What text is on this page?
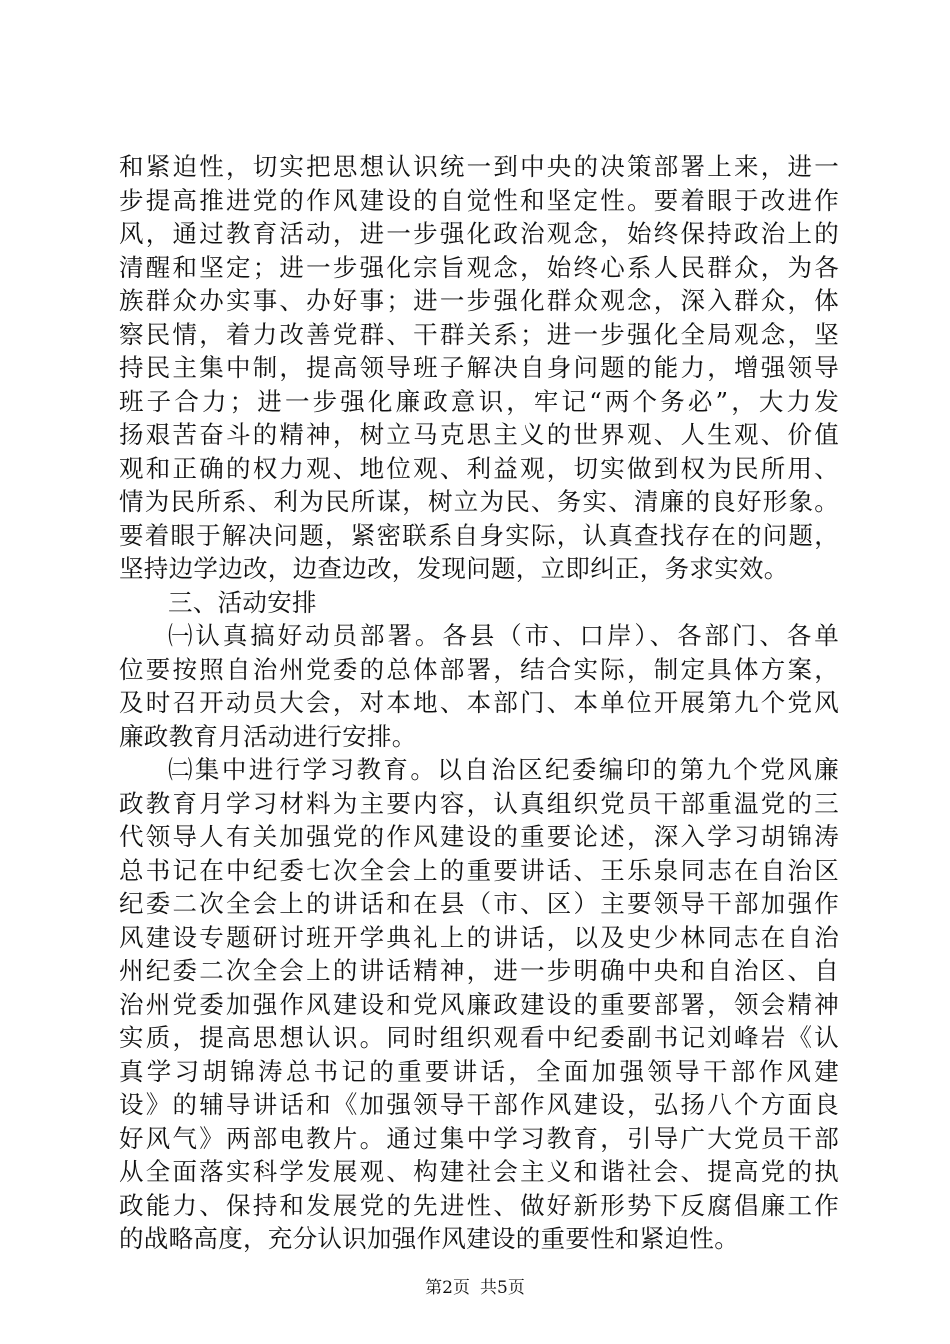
和紧迫性，切实把思想认识统一到中央的决策部署上来，进一
步提高推进党的作风建设的自觉性和坚定性。要着眼于改进作
风，通过教育活动，进一步强化政治观念，始终保持政治上的
清醒和坚定；进一步强化宗旨观念，始终心系人民群众，为各
族群众办实事、办好事；进一步强化群众观念，深入群众，体
察民情，着力改善党群、干群关系；进一步强化全局观念，坚
持民主集中制，提高领导班子解决自身问题的能力，增强领导
班子合力；进一步强化廉政意识，牢记“两个务必”，大力发
扬艰苦奋斗的精神，树立马克思主义的世界观、人生观、价值
观和正确的权力观、地位观、利益观，切实做到权为民所用、
情为民所系、利为民所谋，树立为民、务实、清廉的良好形象。
要着眼于解决问题，紧密联系自身实际，认真查找存在的问题，
坚持边学边改，边查边改，发现问题，立即纠正，务求实效。
三、活动安排
㈠认真搞好动员部署。各县（市、口岸）、各部门、各单
位要按照自治州党委的总体部署，结合实际，制定具体方案，
及时召开动员大会，对本地、本部门、本单位开展第九个党风
廉政教育月活动进行安排。
㈡集中进行学习教育。以自治区纪委编印的第九个党风廉
政教育月学习材料为主要内容，认真组织党员干部重温党的三
代领导人有关加强党的作风建设的重要论述，深入学习胡锦涛
总书记在中纪委七次全会上的重要讲话、王乐泉同志在自治区
纪委二次全会上的讲话和在县（市、区）主要领导干部加强作
风建设专题研讨班开学典礼上的讲话，以及史少林同志在自治
州纪委二次全会上的讲话精神，进一步明确中央和自治区、自
治州党委加强作风建设和党风廉政建设的重要部署，领会精神
实质，提高思想认识。同时组织观看中纪委副书记刘峰岩《认
真学习胡锦涛总书记的重要讲话，全面加强领导干部作风建
设》的辅导讲话和《加强领导干部作风建设，弘扬八个方面良
好风气》两部电教片。通过集中学习教育，引导广大党员干部
从全面落实科学发展观、构建社会主义和谐社会、提高党的执
政能力、保持和发展党的先进性、做好新形势下反腐倡廉工作
的战略高度，充分认识加强作风建设的重要性和紧迫性。
第2页 共5页
